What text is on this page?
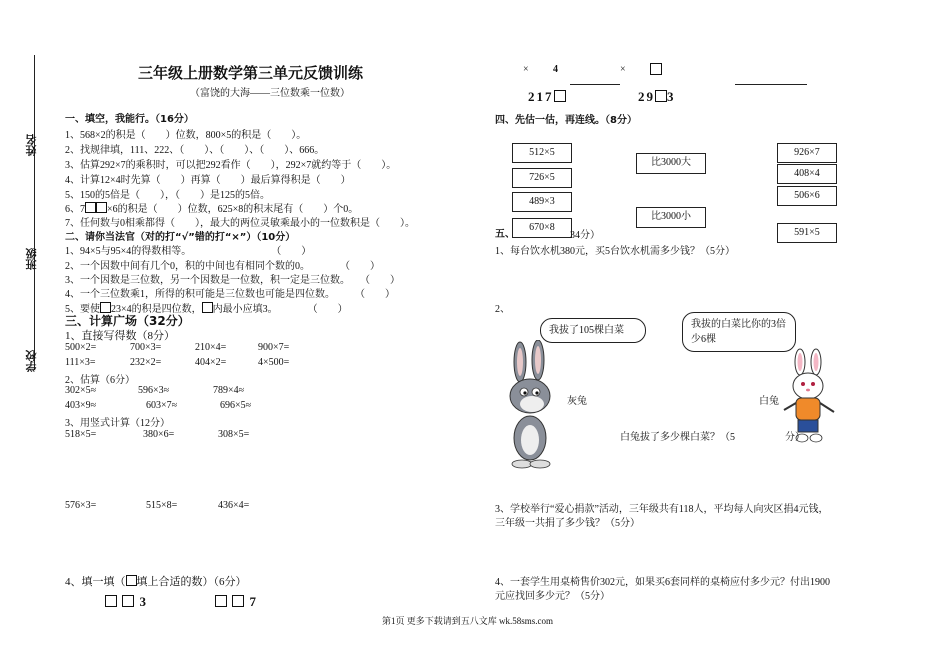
姓名
班级
学校
三年级上册数学第三单元反馈训练
（富饶的大海——三位数乘一位数）
一、填空，我能行。（16分）
1、568×2的积是（　　）位数，800×5的积是（　　）。
2、找规律填，111、222、（　　）、（　　）、（　　）、666。
3、估算292×7的乘积时，可以把292看作（　　），292×7就约等于（　　）。
4、计算12×4时先算（　　）再算（　　）最后算得积是（　　）
5、150的5倍是（　　），（　　）是125的5倍。
6、7 ×6的积是（　　）位数，625×8的积末尾有（　　）个0。
7、任何数与0相乘都得（　　），最大的两位灵敏乘最小的一位数积是（　　）。
二、请你当法官（对的打“√”错的打“×”）（10分）
1、94×5与95×4的得数相等。　　　　　　　　　（　　）
2、一个因数中间有几个0，积的中间也有相同个数的0。　　　　（　　）
3、一个因数是三位数，另一个因数是一位数，积一定是三位数。　　（　　）
4、一个三位数乘1，所得的积可能是三位数也可能是四位数。　　　（　　）
5、要使 23×4的积是四位数， 内最小应填3。　　　　（　　）
三、计算广场（32分）
1、直接写得数（8分）
500×2=	700×3=	210×4=	900×7=
111×3=	232×2=	404×2=	4×500=
2、估算（6分）
302×5≈	596×3≈	789×4≈
403×9≈	603×7≈	696×5≈
3、用竖式计算（12分）
518×5=	380×6=	308×5=
576×3=	515×8=	436×4=
4、填一填（ 填上合适的数）（6分）
3	7
× 4	×
217	29 3
四、先估一估，再连线。（8分）
512×5
726×5
489×3
670×8
比3000大
比3000小
926×7
408×4
506×6
591×5
五、	34分）
1、每台饮水机380元，买5台饮水机需多少钱？（5分）
2、
我拔了105棵白菜
我拔的白菜比你的3倍少6棵
灰兔	白兔
白兔拔了多少棵白菜？（5　　　　　分）
3、学校举行“爱心捐款”活动，三年级共有118人，平均每人向灾区捐4元钱，
三年级一共捐了多少钱？（5分）
4、一套学生用桌椅售价302元，如果买6套同样的桌椅应付多少元？付出1900
元应找回多少元？（5分）
第1页 更多下载请到五八文库 wk.58sms.com
